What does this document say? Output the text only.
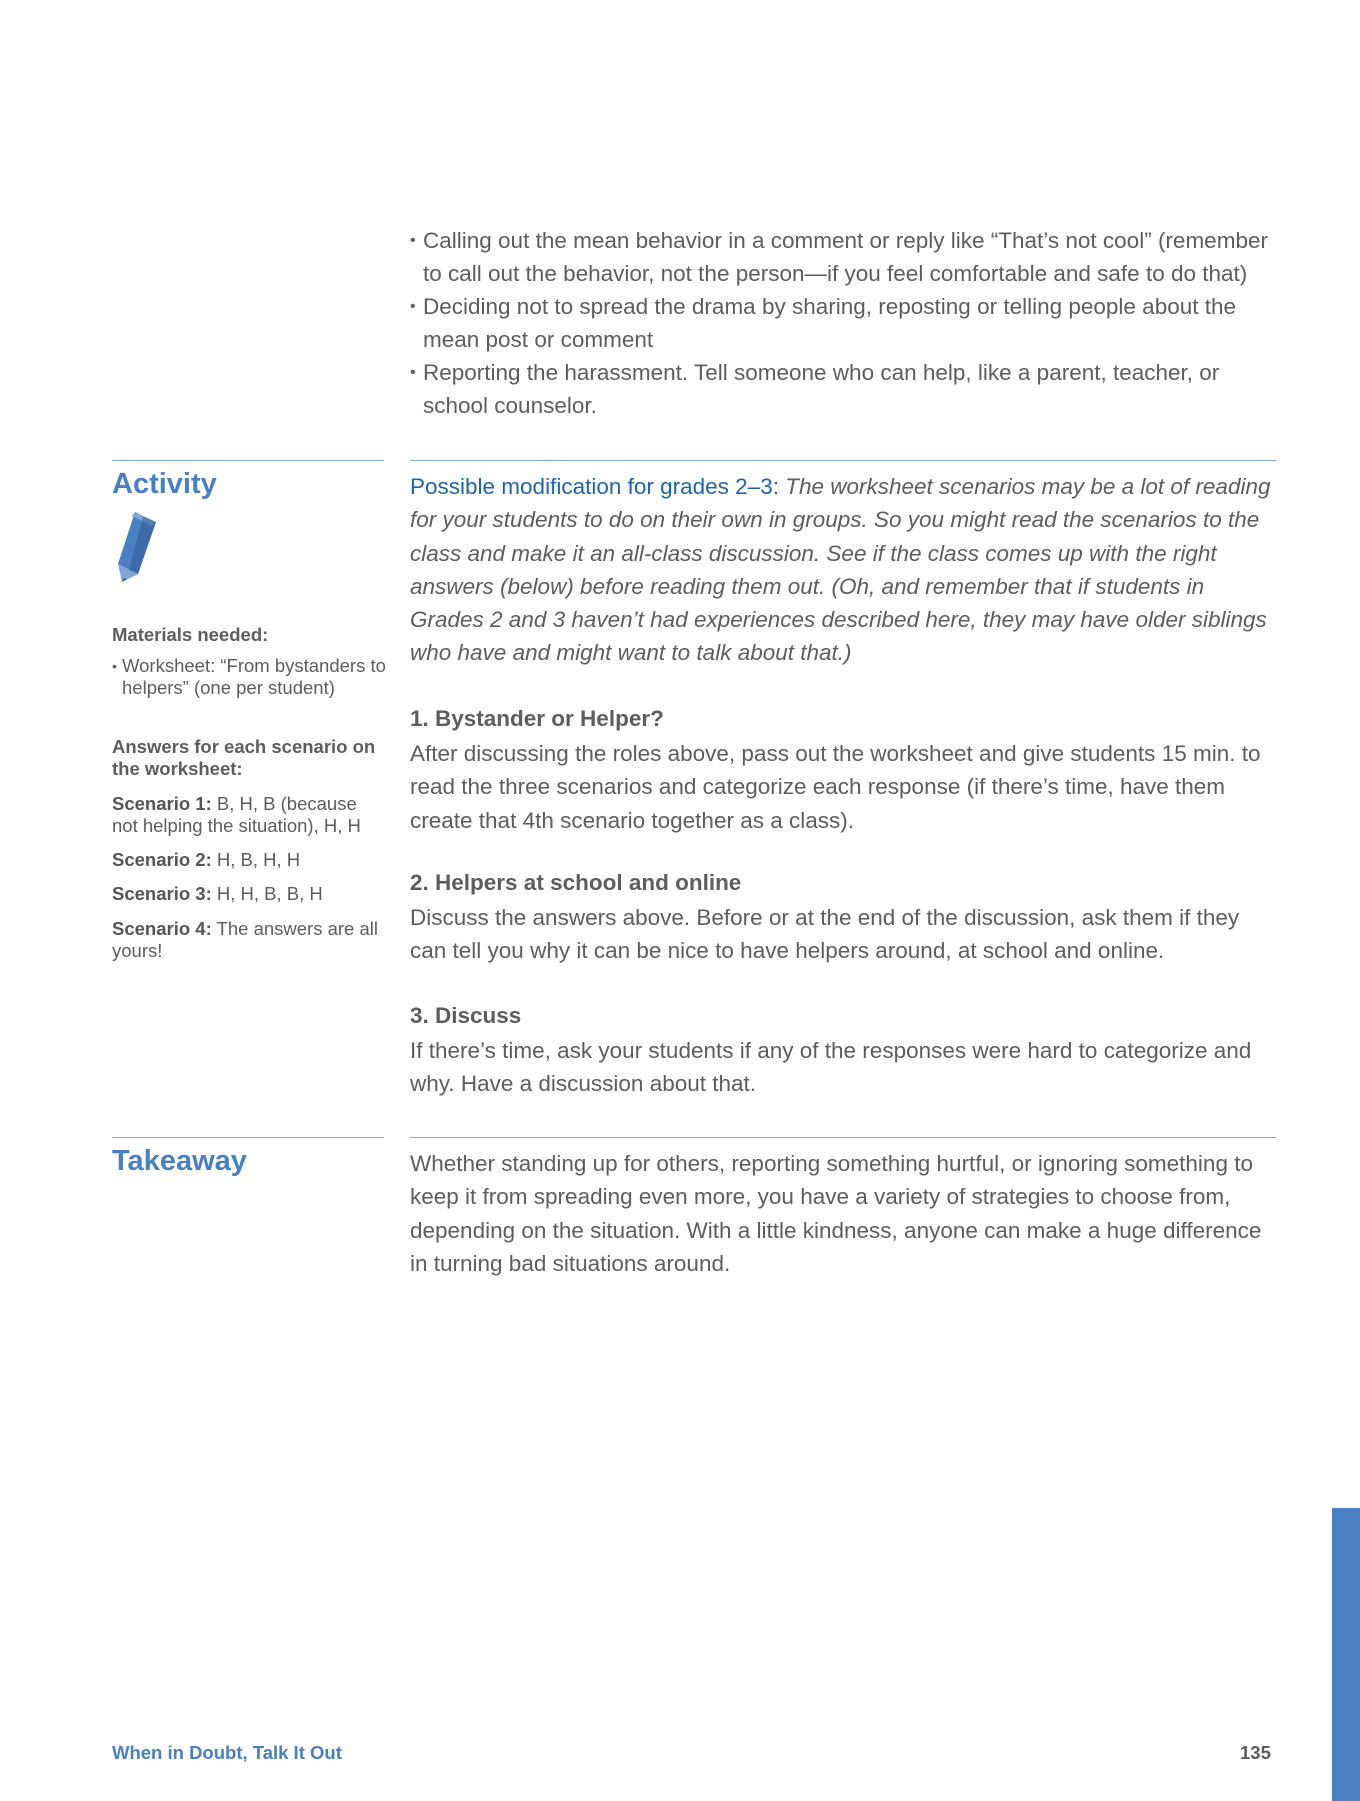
• Calling out the mean behavior in a comment or reply like “That’s not cool” (remember to call out the behavior, not the person—if you feel comfortable and safe to do that)
• Deciding not to spread the drama by sharing, reposting or telling people about the mean post or comment
• Reporting the harassment. Tell someone who can help, like a parent, teacher, or school counselor.
Activity
Materials needed:
• Worksheet: “From bystanders to helpers” (one per student)
Answers for each scenario on the worksheet:
Scenario 1: B, H, B (because not helping the situation), H, H
Scenario 2: H, B, H, H
Scenario 3: H, H, B, B, H
Scenario 4: The answers are all yours!
Possible modification for grades 2–3: The worksheet scenarios may be a lot of reading for your students to do on their own in groups. So you might read the scenarios to the class and make it an all-class discussion. See if the class comes up with the right answers (below) before reading them out. (Oh, and remember that if students in Grades 2 and 3 haven’t had experiences described here, they may have older siblings who have and might want to talk about that.)
1. Bystander or Helper?
After discussing the roles above, pass out the worksheet and give students 15 min. to read the three scenarios and categorize each response (if there’s time, have them create that 4th scenario together as a class).
2. Helpers at school and online
Discuss the answers above. Before or at the end of the discussion, ask them if they can tell you why it can be nice to have helpers around, at school and online.
3. Discuss
If there’s time, ask your students if any of the responses were hard to categorize and why. Have a discussion about that.
Takeaway	Whether standing up for others, reporting something hurtful, or ignoring something to keep it from spreading even more, you have a variety of strategies to choose from, depending on the situation. With a little kindness, anyone can make a huge difference in turning bad situations around.
When in Doubt, Talk It Out	135
